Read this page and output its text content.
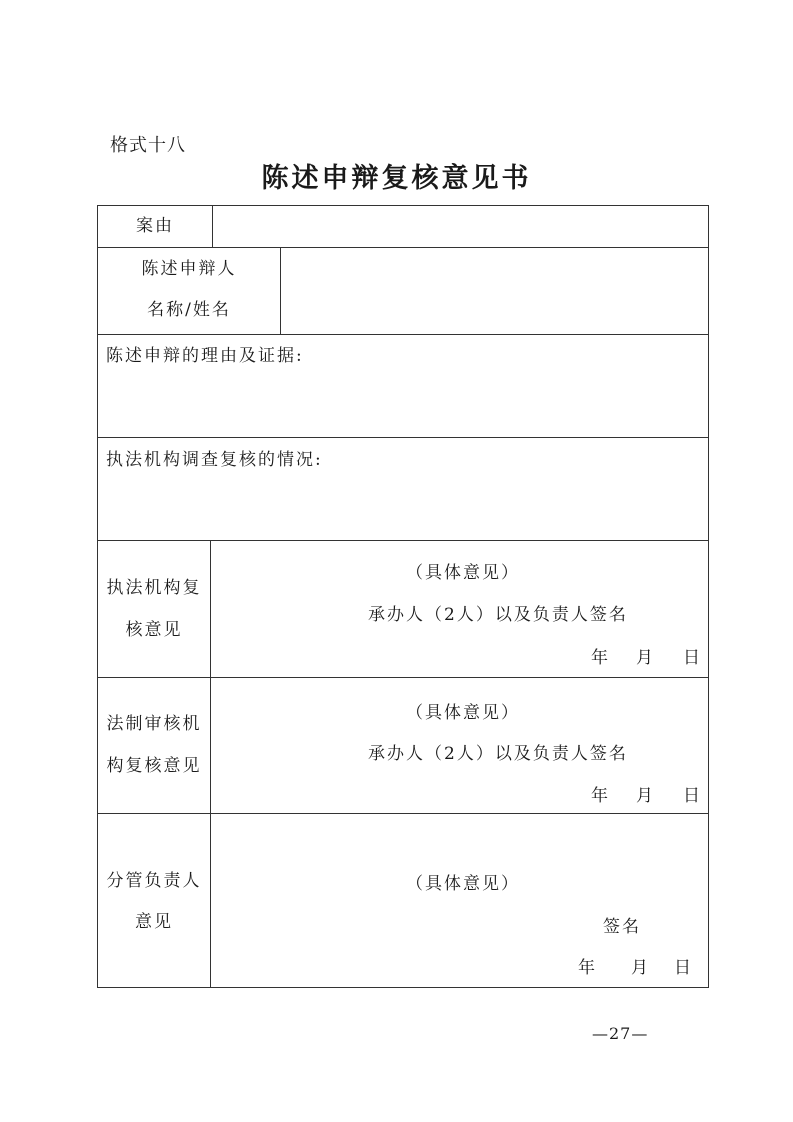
格式十八
陈述申辩复核意见书
案由
陈述申辩人
名称/姓名
陈述申辩的理由及证据:
执法机构调查复核的情况:
执法机构复
核意见
（具体意见）
承办人（2人）以及负责人签名
年 月 日
法制审核机
构复核意见
（具体意见）
承办人（2人）以及负责人签名
年 月 日
分管负责人
意见
（具体意见）
签名
年 月 日
—27—
